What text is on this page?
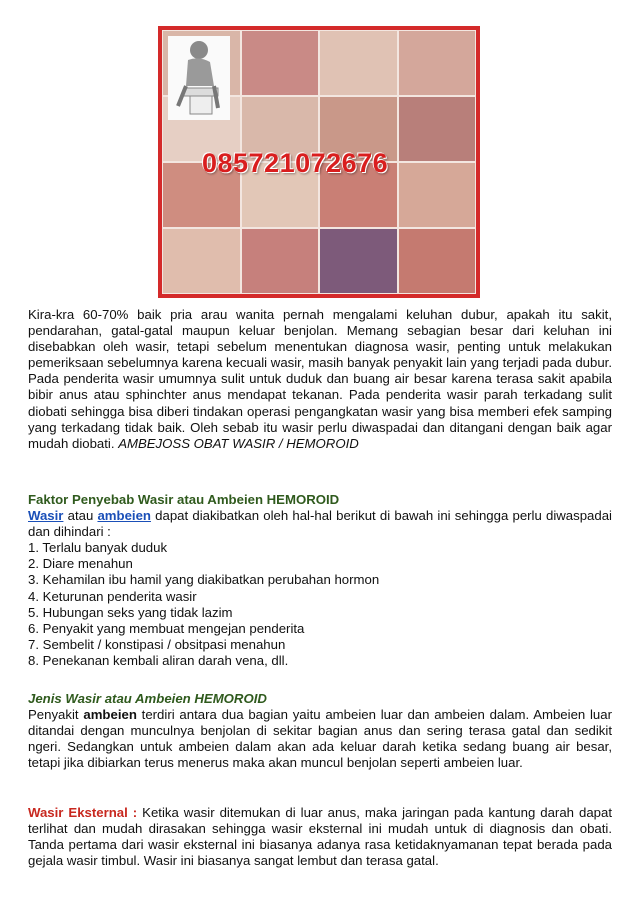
085721072676

Kira-kra 60-70% baik pria arau wanita pernah mengalami keluhan dubur, apakah itu sakit, pendarahan, gatal-gatal maupun keluar benjolan. Memang sebagian besar dari keluhan ini disebabkan oleh wasir, tetapi sebelum menentukan diagnosa wasir, penting untuk melakukan pemeriksaan sebelumnya karena kecuali wasir, masih banyak penyakit lain yang terjadi pada dubur. Pada penderita wasir umumnya sulit untuk duduk dan buang air besar karena terasa sakit apabila bibir anus atau sphinchter anus mendapat tekanan. Pada penderita wasir parah terkadang sulit diobati sehingga bisa diberi tindakan operasi pengangkatan wasir yang bisa memberi efek samping yang terkadang tidak baik. Oleh sebab itu wasir perlu diwaspadai dan ditangani dengan baik agar mudah diobati. AMBEJOSS OBAT WASIR / HEMOROID

Faktor Penyebab Wasir atau Ambeien HEMOROID

Wasir atau ambeien dapat diakibatkan oleh hal-hal berikut di bawah ini sehingga perlu diwaspadai dan dihindari :

1. Terlalu banyak duduk
2. Diare menahun
3. Kehamilan ibu hamil yang diakibatkan perubahan hormon
4. Keturunan penderita wasir
5. Hubungan seks yang tidak lazim
6. Penyakit yang membuat mengejan penderita
7. Sembelit / konstipasi / obsitpasi menahun
8. Penekanan kembali aliran darah vena, dll.

Jenis Wasir atau Ambeien HEMOROID

Penyakit ambeien terdiri antara dua bagian yaitu ambeien luar dan ambeien dalam. Ambeien luar ditandai dengan munculnya benjolan di sekitar bagian anus dan sering terasa gatal dan sedikit ngeri. Sedangkan untuk ambeien dalam akan ada keluar darah ketika sedang buang air besar, tetapi jika dibiarkan terus menerus maka akan muncul benjolan seperti ambeien luar.

Wasir Eksternal : Ketika wasir ditemukan di luar anus, maka jaringan pada kantung darah dapat terlihat dan mudah dirasakan sehingga wasir eksternal ini mudah untuk di diagnosis dan obati. Tanda pertama dari wasir eksternal ini biasanya adanya rasa ketidaknyamanan tepat berada pada gejala wasir timbul. Wasir ini biasanya sangat lembut dan terasa gatal.
